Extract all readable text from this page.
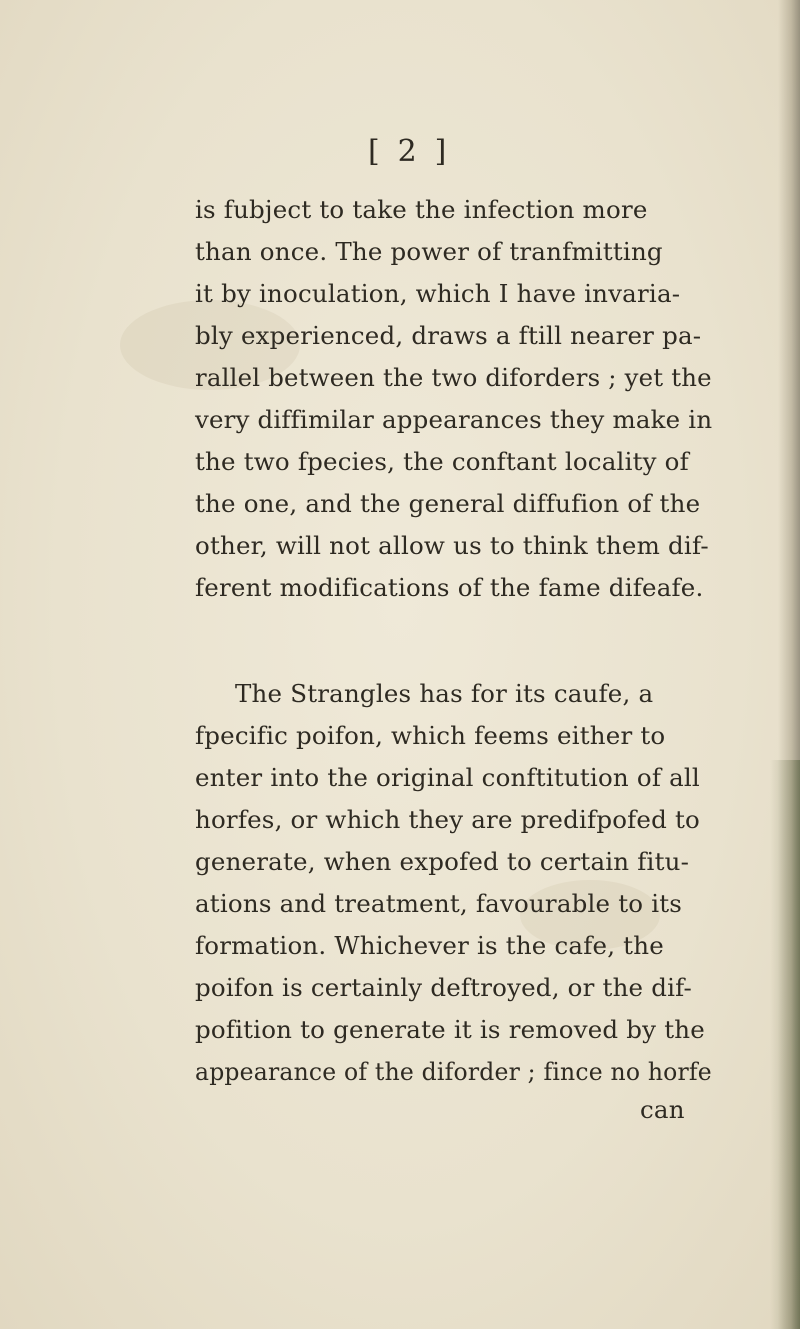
[ 2 ]
is fubject to take the infection more
than once. The power of tranfmitting
it by inoculation, which I have invaria-
bly experienced, draws a ftill nearer pa-
rallel between the two diforders ; yet the
very diffimilar appearances they make in
the two fpecies, the conftant locality of
the one, and the general diffufion of the
other, will not allow us to think them dif-
ferent modifications of the fame difeafe.
The Strangles has for its caufe, a
fpecific poifon, which feems either to
enter into the original conftitution of all
horfes, or which they are predifpofed to
generate, when expofed to certain fitu-
ations and treatment, favourable to its
formation. Whichever is the cafe, the
poifon is certainly deftroyed, or the dif-
pofition to generate it is removed by the
appearance of the diforder ; fince no horfe
can
